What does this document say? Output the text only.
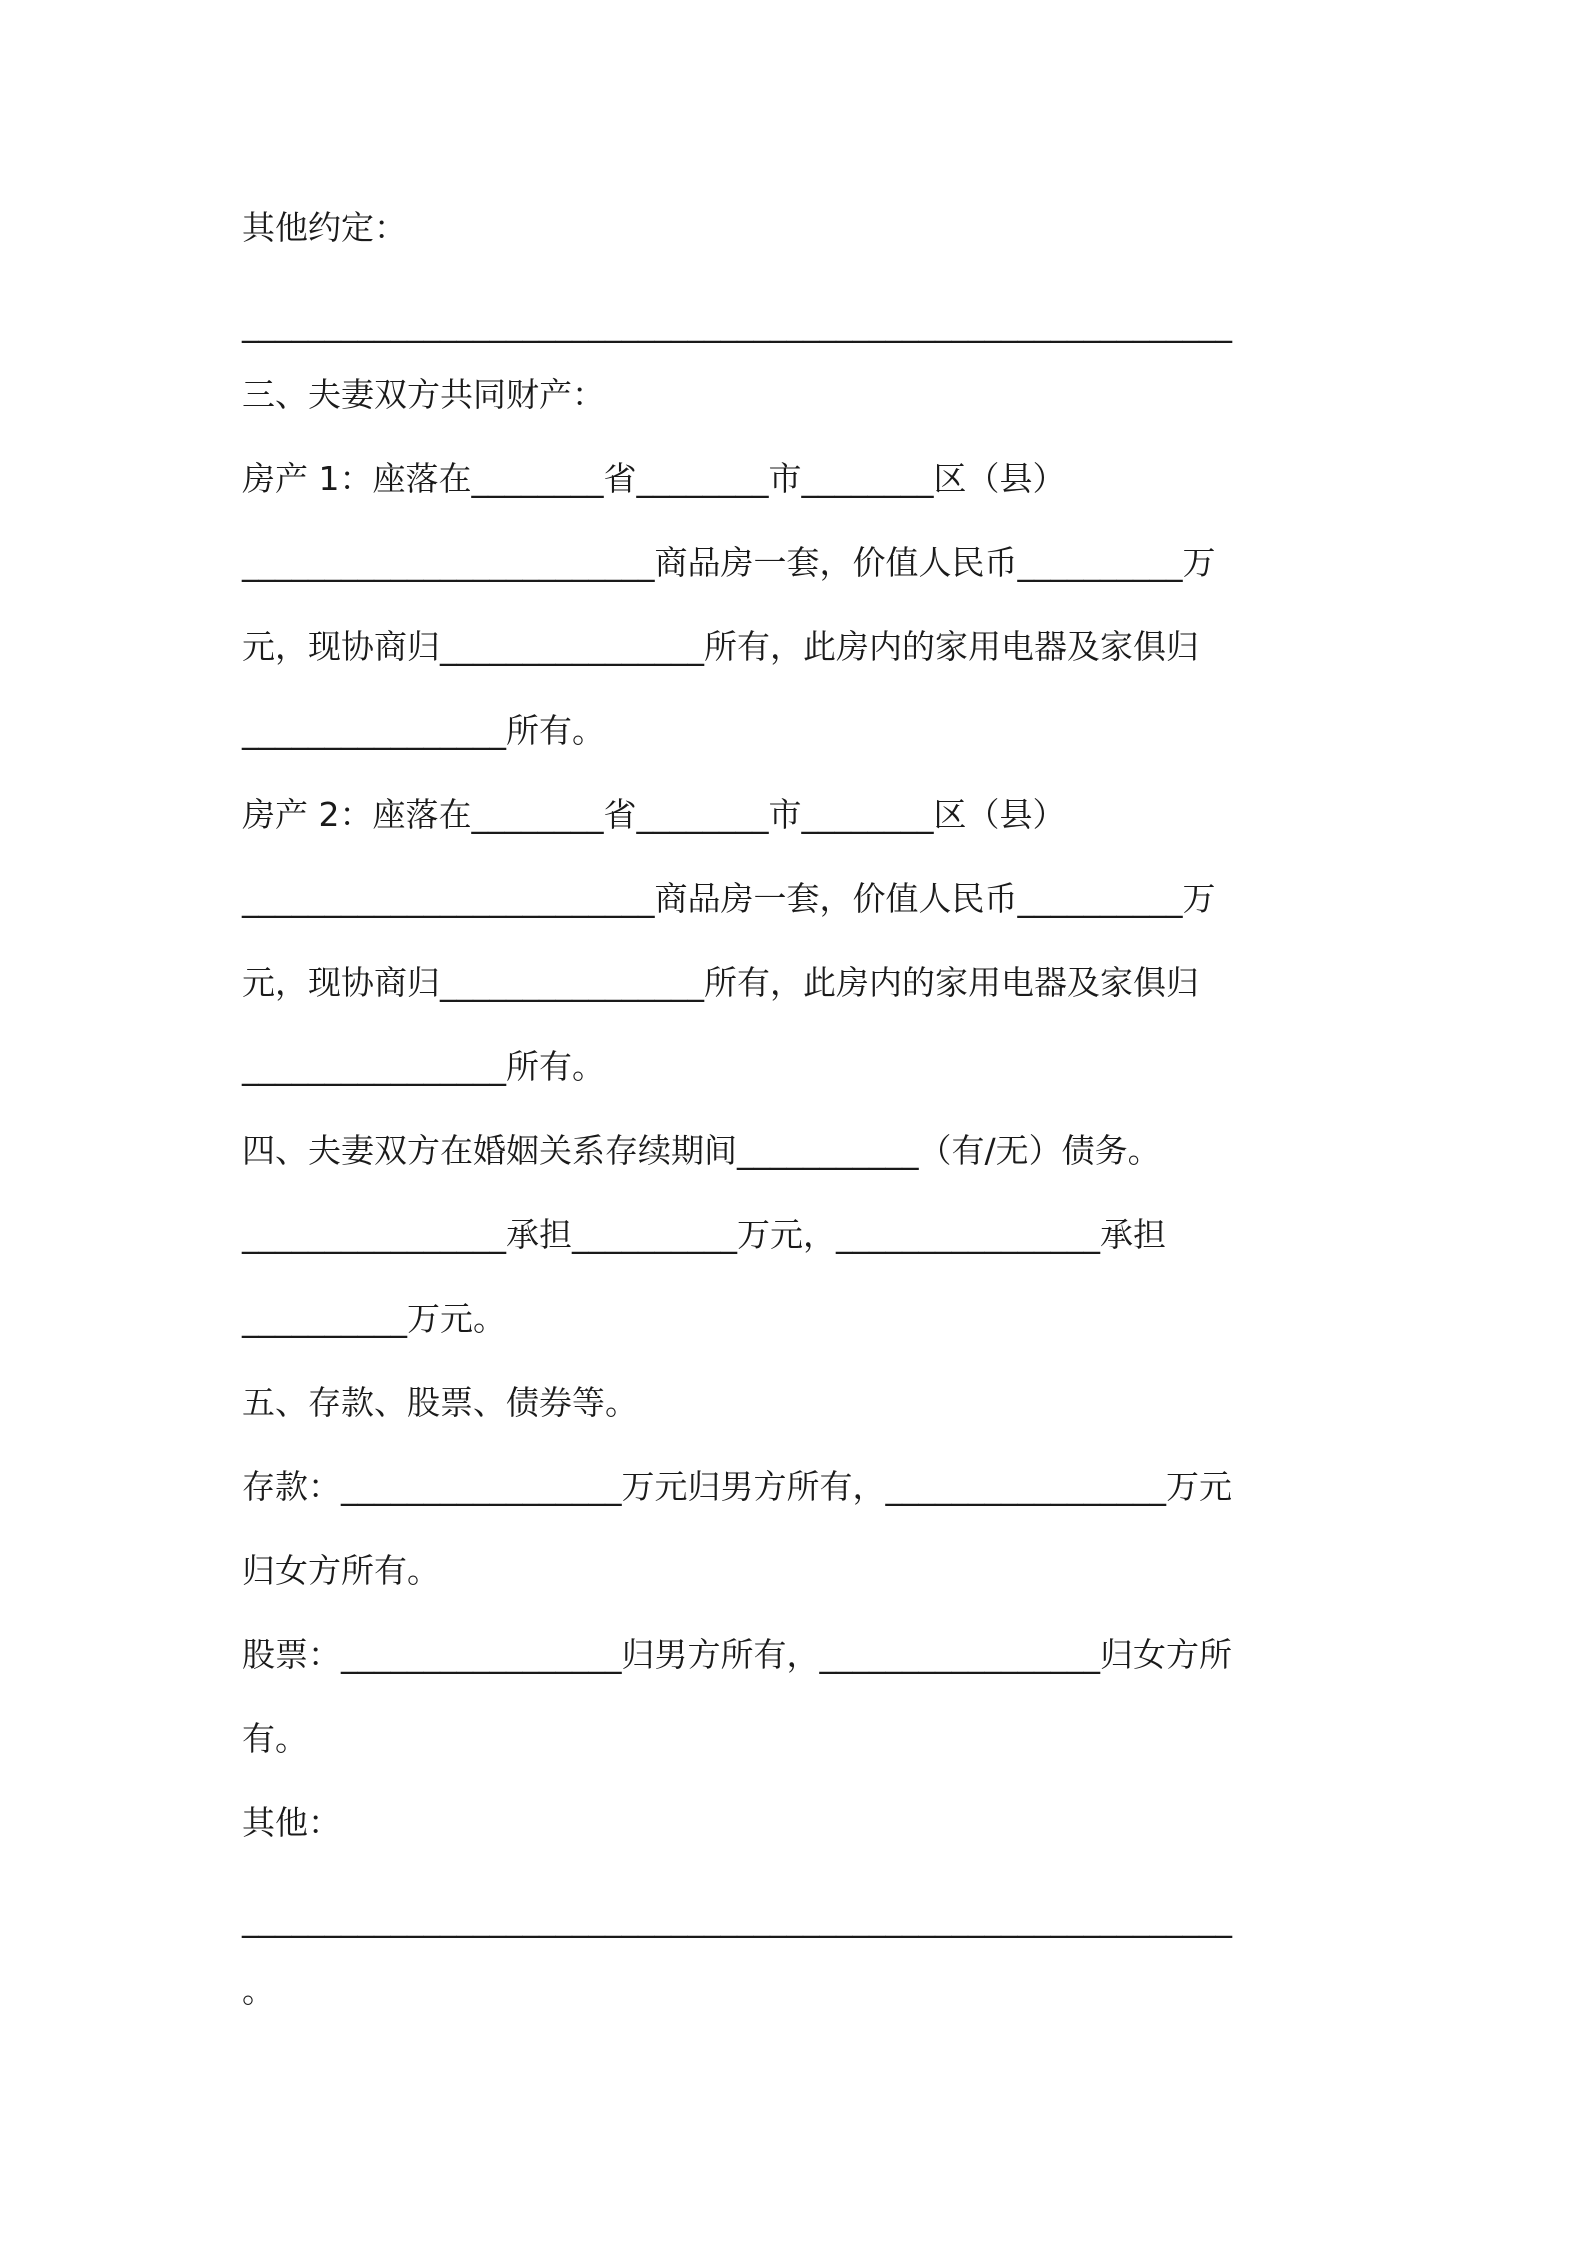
其他约定：
____________________________________________________________
三、夫妻双方共同财产：
房产 1：座落在________省________市________区（县）
_________________________商品房一套，价值人民币__________万
元，现协商归________________所有，此房内的家用电器及家俱归
________________所有。
房产 2：座落在________省________市________区（县）
_________________________商品房一套，价值人民币__________万
元，现协商归________________所有，此房内的家用电器及家俱归
________________所有。
四、夫妻双方在婚姻关系存续期间___________（有/无）债务。
________________承担__________万元，________________承担
__________万元。
五、存款、股票、债券等。
存款：_________________万元归男方所有，_________________万元
归女方所有。
股票：_________________归男方所有，_________________归女方所
有。
其他：
____________________________________________________________
。
